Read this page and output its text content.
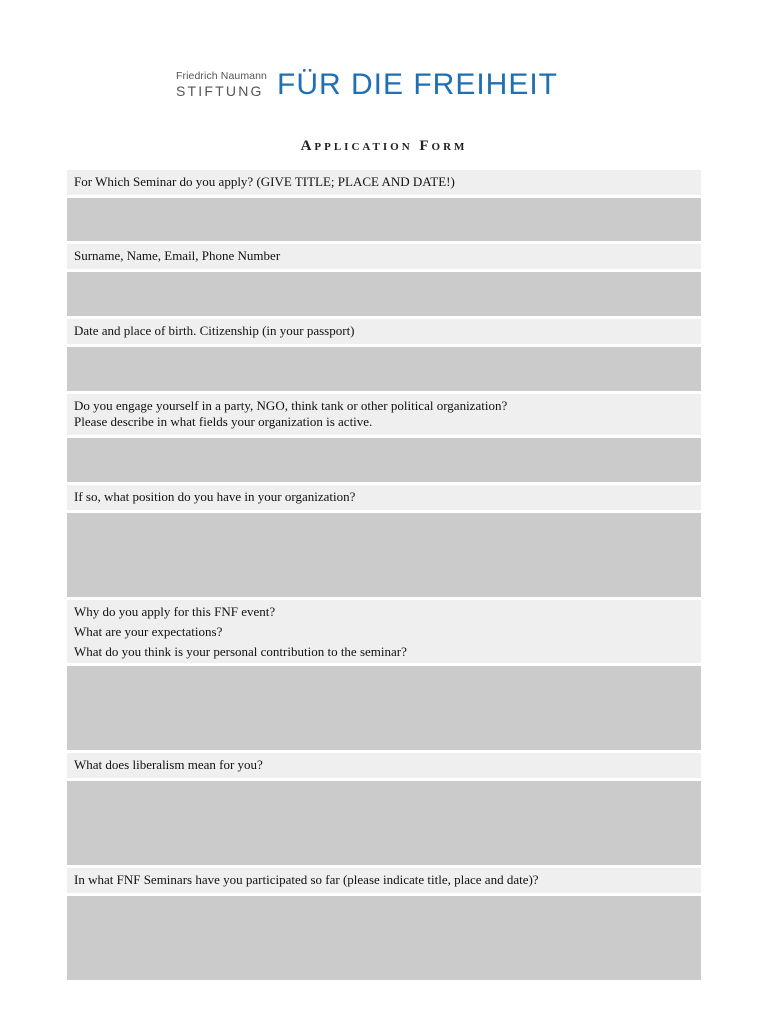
Friedrich Naumann
STIFTUNG FÜR DIE FREIHEIT
Application Form
For Which Seminar do you apply? (GIVE TITLE; PLACE AND DATE!)
Surname, Name, Email, Phone Number
Date and place of birth. Citizenship (in your passport)
Do you engage yourself in a party, NGO, think tank or other political organization?
Please describe in what fields your organization is active.
If so, what position do you have in your organization?
Why do you apply for this FNF event?
What are your expectations?
What do you think is your personal contribution to the seminar?
What does liberalism mean for you?
In what FNF Seminars have you participated so far (please indicate title, place and date)?
